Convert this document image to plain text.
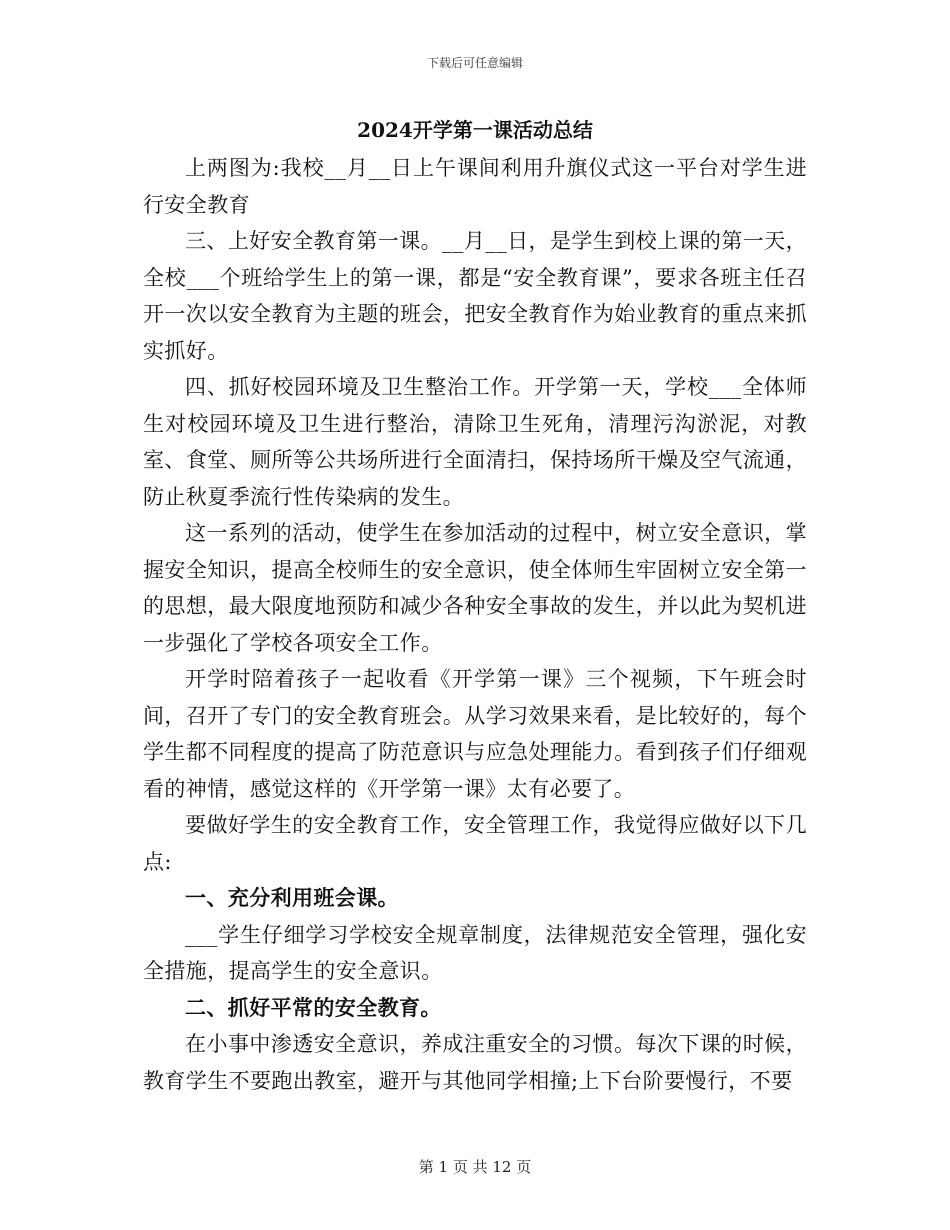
下载后可任意编辑
2024开学第一课活动总结

上两图为:我校__月__日上午课间利用升旗仪式这一平台对学生进行安全教育

三、上好安全教育第一课。__月__日，是学生到校上课的第一天，全校___个班给学生上的第一课，都是“安全教育课”，要求各班主任召开一次以安全教育为主题的班会，把安全教育作为始业教育的重点来抓实抓好。

四、抓好校园环境及卫生整治工作。开学第一天，学校___全体师生对校园环境及卫生进行整治，清除卫生死角，清理污沟淤泥，对教室、食堂、厕所等公共场所进行全面清扫，保持场所干燥及空气流通，防止秋夏季流行性传染病的发生。

这一系列的活动，使学生在参加活动的过程中，树立安全意识，掌握安全知识，提高全校师生的安全意识，使全体师生牢固树立安全第一的思想，最大限度地预防和减少各种安全事故的发生，并以此为契机进一步强化了学校各项安全工作。

开学时陪着孩子一起收看《开学第一课》三个视频，下午班会时间，召开了专门的安全教育班会。从学习效果来看，是比较好的，每个学生都不同程度的提高了防范意识与应急处理能力。看到孩子们仔细观看的神情，感觉这样的《开学第一课》太有必要了。

要做好学生的安全教育工作，安全管理工作，我觉得应做好以下几点:

一、充分利用班会课。

___学生仔细学习学校安全规章制度，法律规范安全管理，强化安全措施，提高学生的安全意识。

二、抓好平常的安全教育。

在小事中渗透安全意识，养成注重安全的习惯。每次下课的时候，教育学生不要跑出教室，避开与其他同学相撞;上下台阶要慢行，不要

第 1 页 共 12 页
